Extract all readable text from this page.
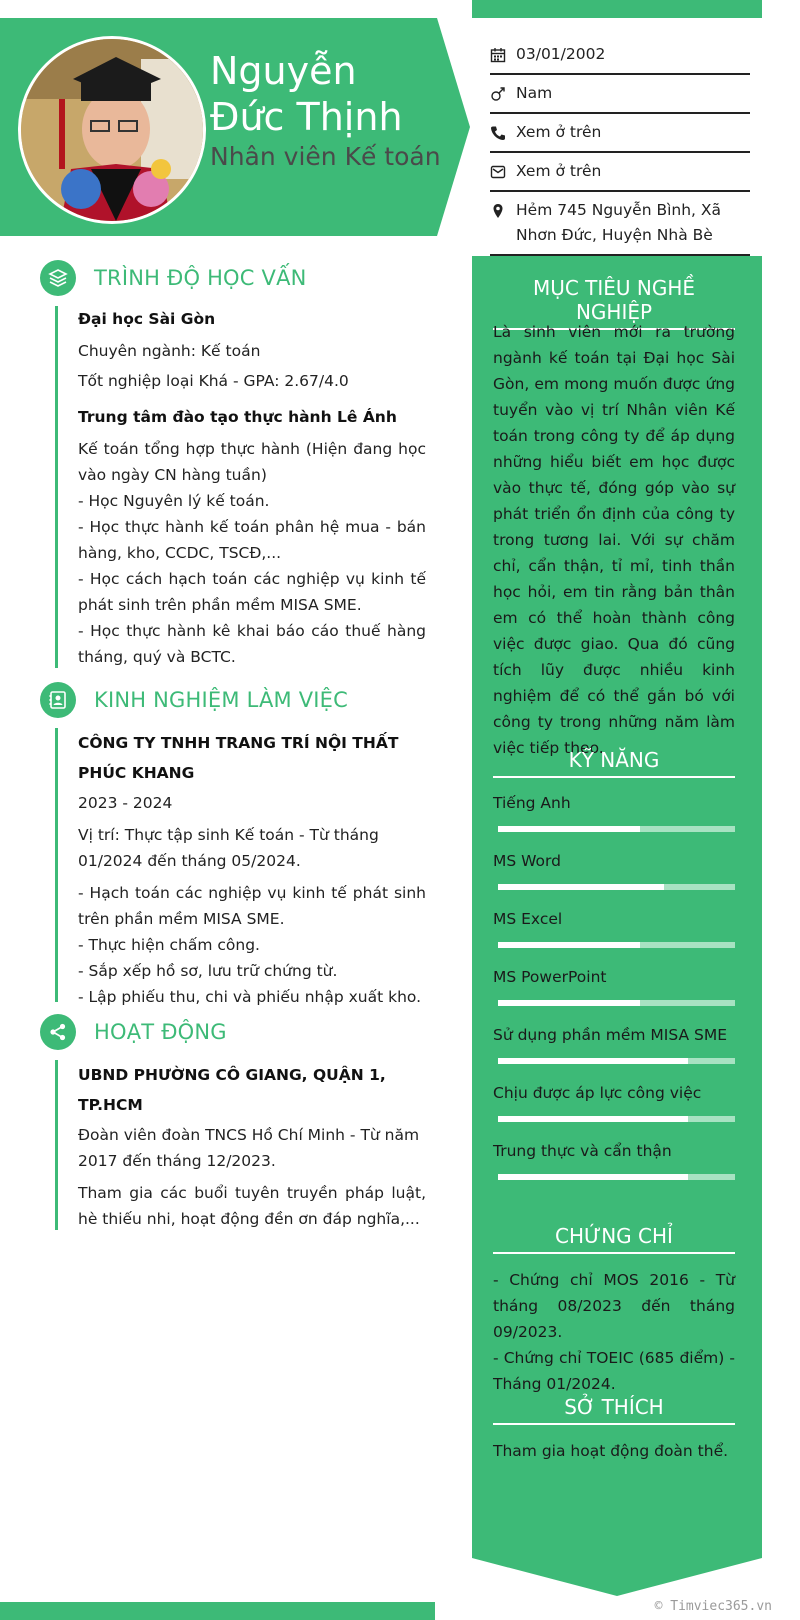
Nguyễn Đức Thịnh
Nhân viên Kế toán
03/01/2002
Nam
Xem ở trên
Xem ở trên
Hẻm 745 Nguyễn Bình, Xã Nhơn Đức, Huyện Nhà Bè
TRÌNH ĐỘ HỌC VẤN

Đại học Sài Gòn

Chuyên ngành: Kế toán

Tốt nghiệp loại Khá - GPA: 2.67/4.0

Trung tâm đào tạo thực hành Lê Ánh

Kế toán tổng hợp thực hành (Hiện đang học vào ngày CN hàng tuần)

- Học Nguyên lý kế toán.

- Học thực hành kế toán phân hệ mua - bán hàng, kho, CCDC, TSCĐ,...

- Học cách hạch toán các nghiệp vụ kinh tế phát sinh trên phần mềm MISA SME.

- Học thực hành kê khai báo cáo thuế hàng tháng, quý và BCTC.

KINH NGHIỆM LÀM VIỆC

CÔNG TY TNHH TRANG TRÍ NỘI THẤT PHÚC KHANG

2023 - 2024

Vị trí: Thực tập sinh Kế toán - Từ tháng 01/2024 đến tháng 05/2024.

- Hạch toán các nghiệp vụ kinh tế phát sinh trên phần mềm MISA SME.

- Thực hiện chấm công.

- Sắp xếp hồ sơ, lưu trữ chứng từ.

- Lập phiếu thu, chi và phiếu nhập xuất kho.

HOẠT ĐỘNG

UBND PHƯỜNG CÔ GIANG, QUẬN 1, TP.HCM

Đoàn viên đoàn TNCS Hồ Chí Minh - Từ năm 2017 đến tháng 12/2023.

Tham gia các buổi tuyên truyền pháp luật, hè thiếu nhi, hoạt động đền ơn đáp nghĩa,...

MỤC TIÊU NGHỀ NGHIỆP
Là sinh viên mới ra trường ngành kế toán tại Đại học Sài Gòn, em mong muốn được ứng tuyển vào vị trí Nhân viên Kế toán trong công ty để áp dụng những hiểu biết em học được vào thực tế, đóng góp vào sự phát triển ổn định của công ty trong tương lai. Với sự chăm chỉ, cẩn thận, tỉ mỉ, tinh thần học hỏi, em tin rằng bản thân em có thể hoàn thành công việc được giao. Qua đó cũng tích lũy được nhiều kinh nghiệm để có thể gắn bó với công ty trong những năm làm việc tiếp theo.
KỸ NĂNG
Tiếng Anh
MS Word
MS Excel
MS PowerPoint
Sử dụng phần mềm MISA SME
Chịu được áp lực công việc
Trung thực và cẩn thận
CHỨNG CHỈ
- Chứng chỉ MOS 2016 - Từ tháng 08/2023 đến tháng 09/2023.
- Chứng chỉ TOEIC (685 điểm) - Tháng 01/2024.
SỞ THÍCH
Tham gia hoạt động đoàn thể.
© Timviec365.vn
